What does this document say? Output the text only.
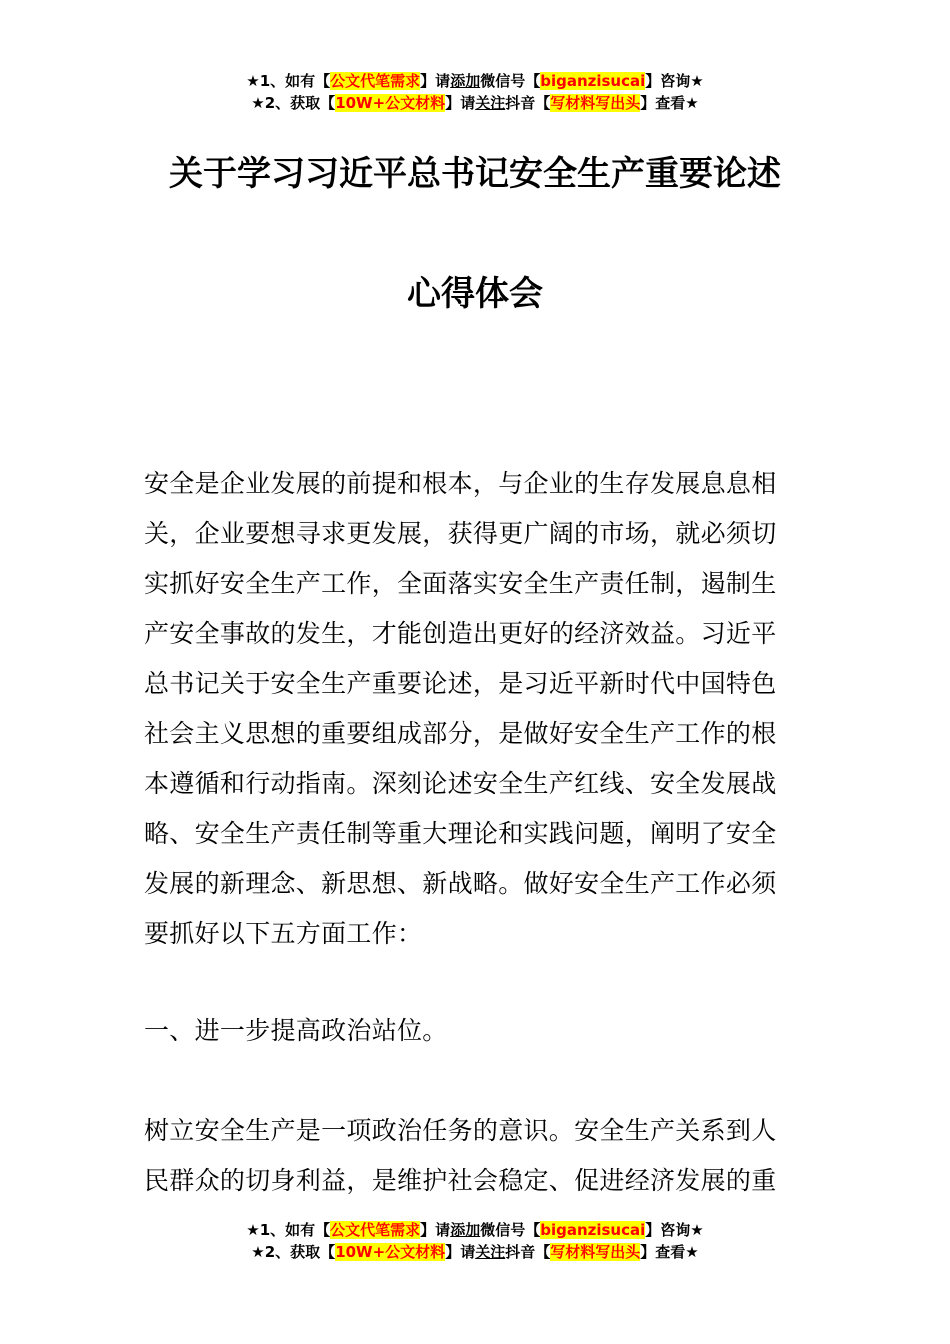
★1、如有【公文代笔需求】请添加微信号【biganzisucai】咨询★
★2、获取【10W+公文材料】请关注抖音【写材料写出头】查看★
关于学习习近平总书记安全生产重要论述
心得体会
安全是企业发展的前提和根本，与企业的生存发展息息相
关，企业要想寻求更发展，获得更广阔的市场，就必须切
实抓好安全生产工作，全面落实安全生产责任制，遏制生
产安全事故的发生，才能创造出更好的经济效益。习近平
总书记关于安全生产重要论述，是习近平新时代中国特色
社会主义思想的重要组成部分，是做好安全生产工作的根
本遵循和行动指南。深刻论述安全生产红线、安全发展战
略、安全生产责任制等重大理论和实践问题，阐明了安全
发展的新理念、新思想、新战略。做好安全生产工作必须
要抓好以下五方面工作：
一、进一步提高政治站位。
树立安全生产是一项政治任务的意识。安全生产关系到人
民群众的切身利益，是维护社会稳定、促进经济发展的重
★1、如有【公文代笔需求】请添加微信号【biganzisucai】咨询★
★2、获取【10W+公文材料】请关注抖音【写材料写出头】查看★
